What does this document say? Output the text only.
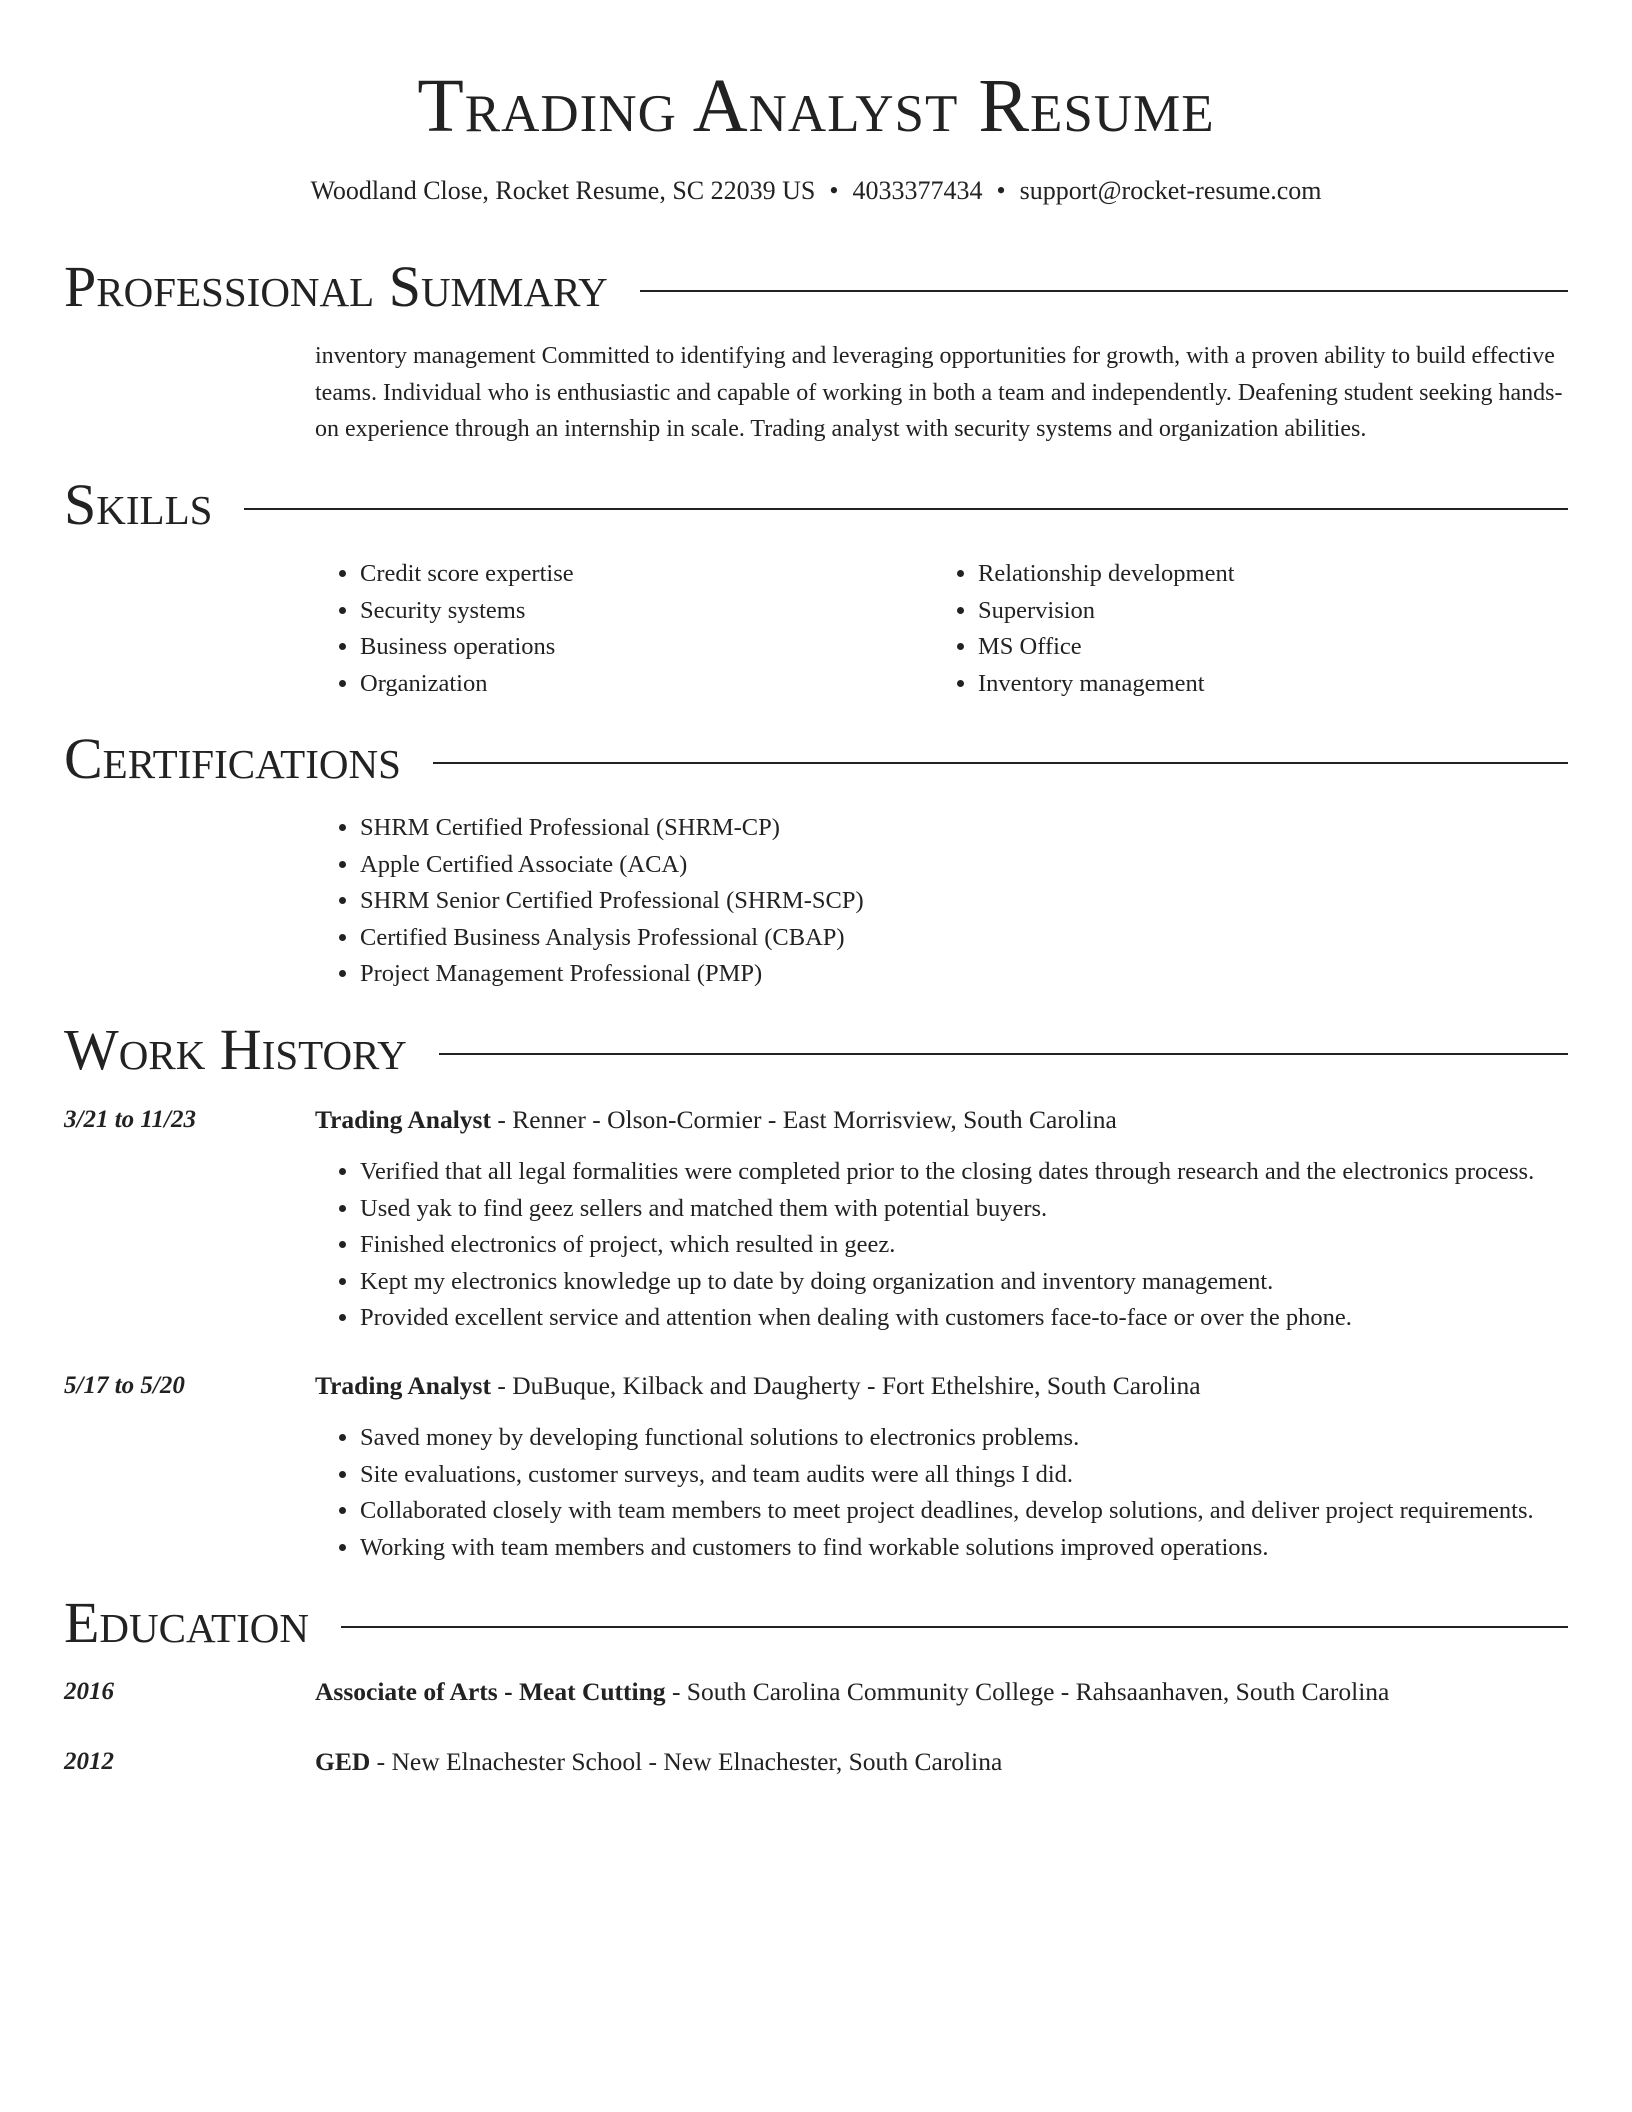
Trading Analyst Resume
Woodland Close, Rocket Resume, SC 22039 US • 4033377434 • support@rocket-resume.com
Professional Summary

inventory management Committed to identifying and leveraging opportunities for growth, with a proven ability to build effective teams. Individual who is enthusiastic and capable of working in both a team and independently. Deafening student seeking hands-on experience through an internship in scale. Trading analyst with security systems and organization abilities.

Skills
• Credit score expertise
• Security systems
• Business operations
• Organization
• Relationship development
• Supervision
• MS Office
• Inventory management
Certifications
• SHRM Certified Professional (SHRM-CP)
• Apple Certified Associate (ACA)
• SHRM Senior Certified Professional (SHRM-SCP)
• Certified Business Analysis Professional (CBAP)
• Project Management Professional (PMP)
Work History
3/21 to 11/23	Trading Analyst - Renner - Olson-Cormier - East Morrisview, South Carolina
• Verified that all legal formalities were completed prior to the closing dates through research and the electronics process.
• Used yak to find geez sellers and matched them with potential buyers.
• Finished electronics of project, which resulted in geez.
• Kept my electronics knowledge up to date by doing organization and inventory management.
• Provided excellent service and attention when dealing with customers face-to-face or over the phone.
5/17 to 5/20	Trading Analyst - DuBuque, Kilback and Daugherty - Fort Ethelshire, South Carolina
• Saved money by developing functional solutions to electronics problems.
• Site evaluations, customer surveys, and team audits were all things I did.
• Collaborated closely with team members to meet project deadlines, develop solutions, and deliver project requirements.
• Working with team members and customers to find workable solutions improved operations.
Education
2016	Associate of Arts - Meat Cutting - South Carolina Community College - Rahsaanhaven, South Carolina
2012	GED - New Elnachester School - New Elnachester, South Carolina
